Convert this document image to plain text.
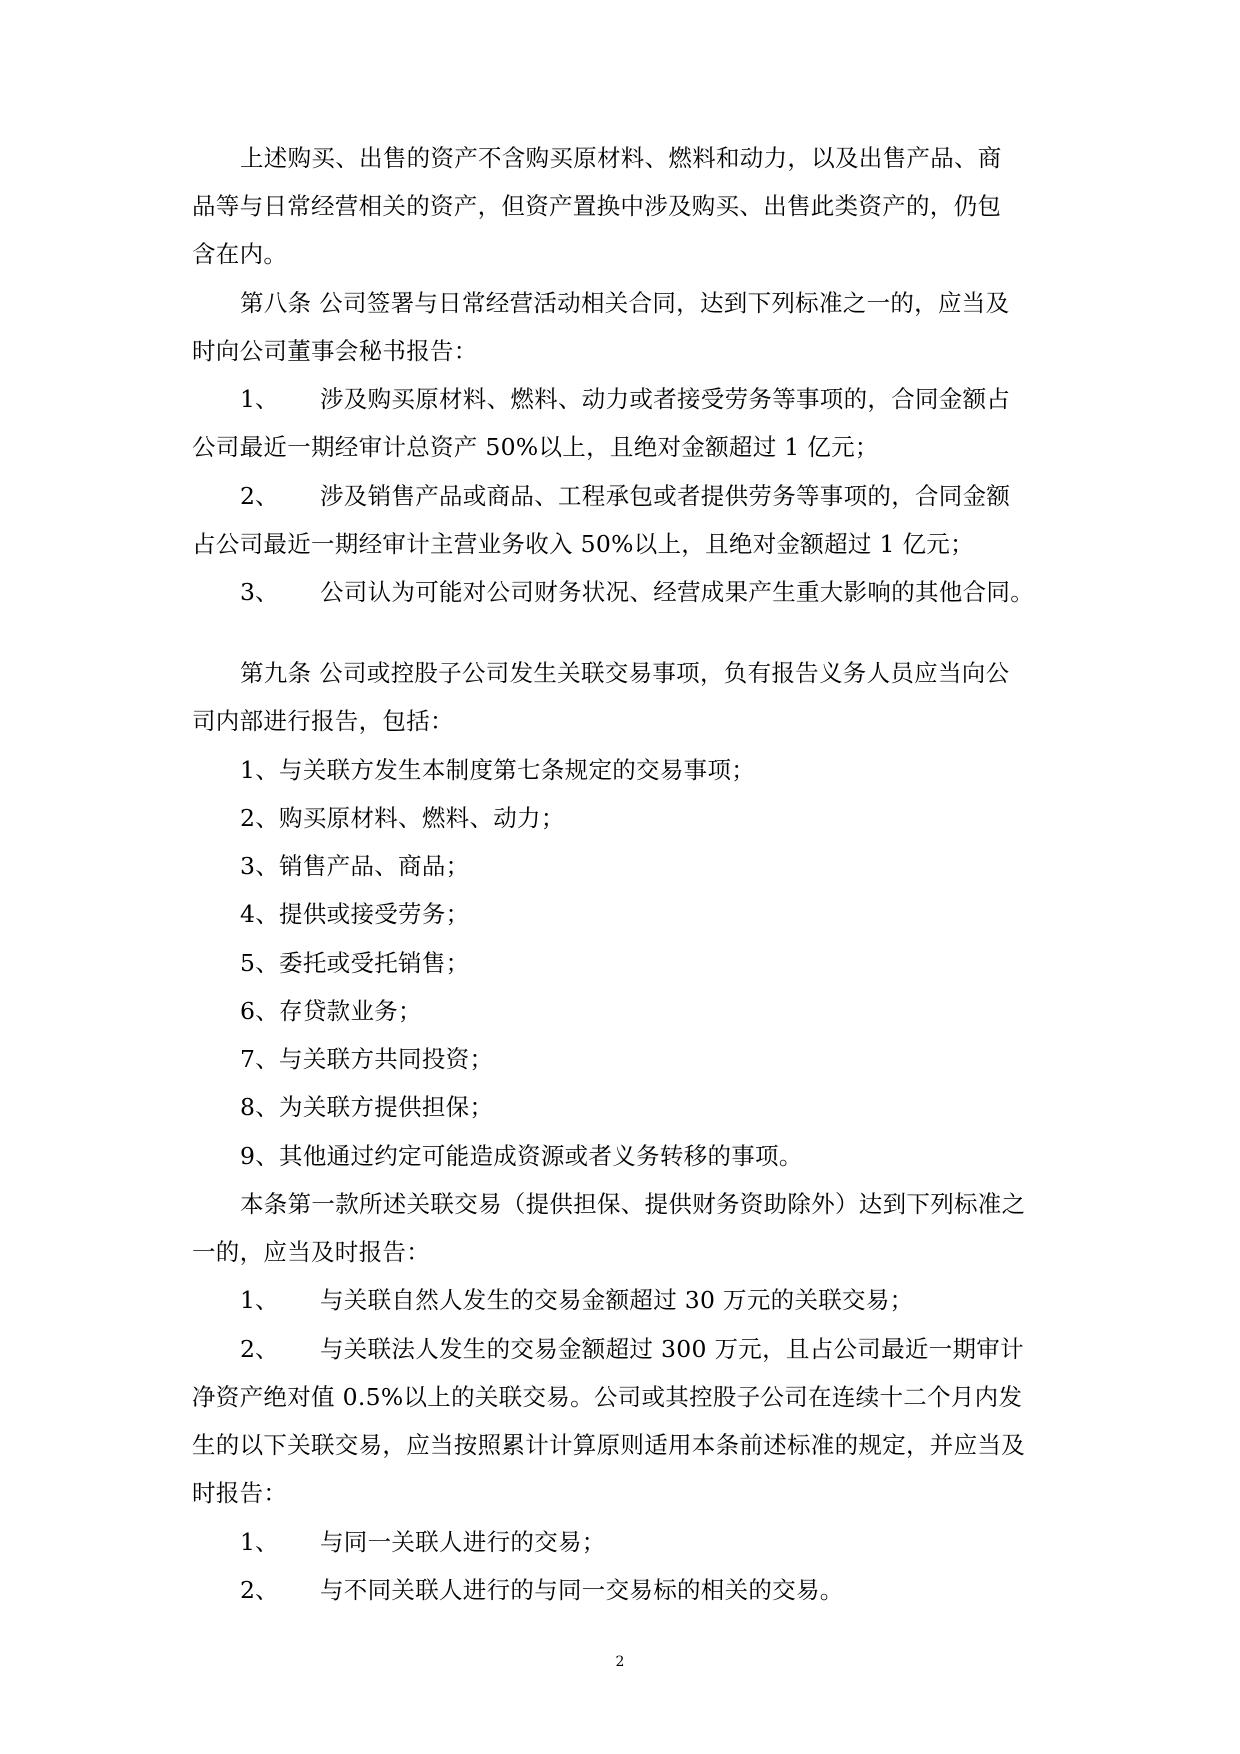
上述购买、出售的资产不含购买原材料、燃料和动力，以及出售产品、商
品等与日常经营相关的资产，但资产置换中涉及购买、出售此类资产的，仍包
含在内。
第八条 公司签署与日常经营活动相关合同，达到下列标准之一的，应当及
时向公司董事会秘书报告：
1、 涉及购买原材料、燃料、动力或者接受劳务等事项的，合同金额占
公司最近一期经审计总资产 50%以上，且绝对金额超过 1 亿元；
2、 涉及销售产品或商品、工程承包或者提供劳务等事项的，合同金额
占公司最近一期经审计主营业务收入 50%以上，且绝对金额超过 1 亿元；
3、 公司认为可能对公司财务状况、经营成果产生重大影响的其他合同。
第九条 公司或控股子公司发生关联交易事项，负有报告义务人员应当向公
司内部进行报告，包括：
1、与关联方发生本制度第七条规定的交易事项；
2、购买原材料、燃料、动力；
3、销售产品、商品；
4、提供或接受劳务；
5、委托或受托销售；
6、存贷款业务；
7、与关联方共同投资；
8、为关联方提供担保；
9、其他通过约定可能造成资源或者义务转移的事项。
本条第一款所述关联交易（提供担保、提供财务资助除外）达到下列标准之
一的，应当及时报告：
1、 与关联自然人发生的交易金额超过 30 万元的关联交易；
2、 与关联法人发生的交易金额超过 300 万元，且占公司最近一期审计
净资产绝对值 0.5%以上的关联交易。公司或其控股子公司在连续十二个月内发
生的以下关联交易，应当按照累计计算原则适用本条前述标准的规定，并应当及
时报告：
1、 与同一关联人进行的交易；
2、 与不同关联人进行的与同一交易标的相关的交易。
2
